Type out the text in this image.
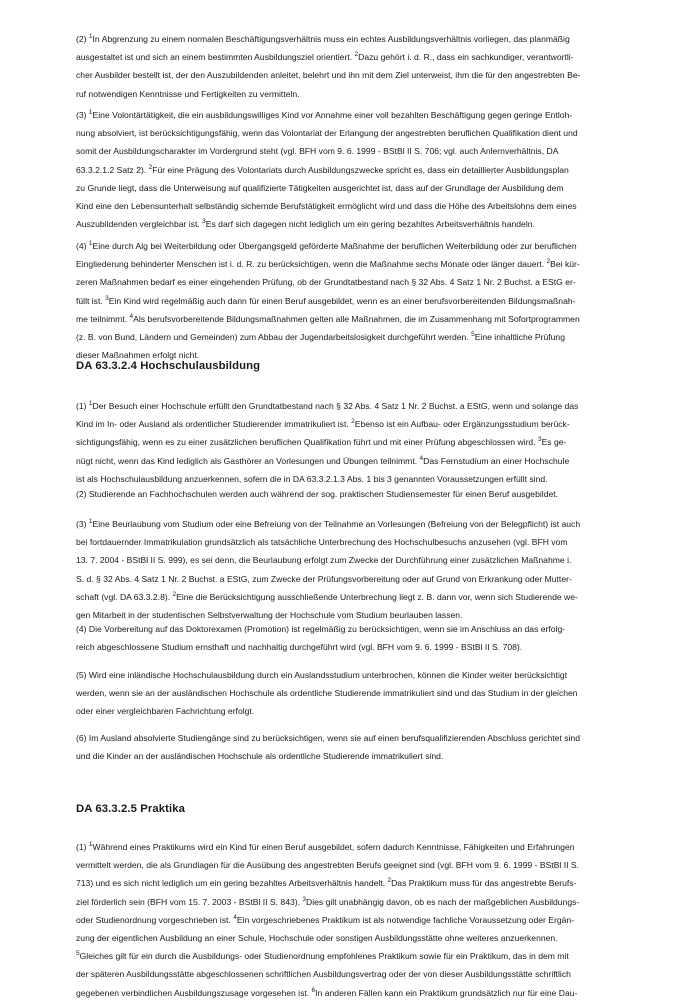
(2) $^1$In Abgrenzung zu einem normalen Beschäftigungsverhältnis muss ein echtes Ausbildungsverhältnis vorliegen, das planmäßig
ausgestaltet ist und sich an einem bestimmten Ausbildungsziel orientiert. $^2$Dazu gehört i. d. R., dass ein sachkundiger, verantwortli-
cher Ausbilder bestellt ist, der den Auszubildenden anleitet, belehrt und ihn mit dem Ziel unterweist, ihm die für den angestrebten Be-
ruf notwendigen Kenntnisse und Fertigkeiten zu vermitteln.

(3) $^1$Eine Volontärtätigkeit, die ein ausbildungswilliges Kind vor Annahme einer voll bezahlten Beschäftigung gegen geringe Entloh-
nung absolviert, ist berücksichtigungsfähig, wenn das Volontariat der Erlangung der angestrebten beruflichen Qualifikation dient und
somit der Ausbildungscharakter im Vordergrund steht (vgl. BFH vom 9. 6. 1999 - BStBl II S. 706; vgl. auch Anlernverhältnis, DA
63.3.2.1.2 Satz 2). $^2$Für eine Prägung des Volontariats durch Ausbildungszwecke spricht es, dass ein detaillierter Ausbildungsplan
zu Grunde liegt, dass die Unterweisung auf qualifizierte Tätigkeiten ausgerichtet ist, dass auf der Grundlage der Ausbildung dem
Kind eine den Lebensunterhalt selbständig sichernde Berufstätigkeit ermöglicht wird und dass die Höhe des Arbeitslohns dem eines
Auszubildenden vergleichbar ist. $^3$Es darf sich dagegen nicht lediglich um ein gering bezahltes Arbeitsverhältnis handeln.

(4) $^1$Eine durch Alg bei Weiterbildung oder Übergangsgeld geförderte Maßnahme der beruflichen Weiterbildung oder zur beruflichen
Eingliederung behinderter Menschen ist i. d. R. zu berücksichtigen, wenn die Maßnahme sechs Monate oder länger dauert. $^2$Bei kür-
zeren Maßnahmen bedarf es einer eingehenden Prüfung, ob der Grundtatbestand nach § 32 Abs. 4 Satz 1 Nr. 2 Buchst. a EStG er-
füllt ist. $^3$Ein Kind wird regelmäßig auch dann für einen Beruf ausgebildet, wenn es an einer berufsvorbereitenden Bildungsmaßnah-
me teilnimmt. $^4$Als berufsvorbereitende Bildungsmaßnahmen gelten alle Maßnahmen, die im Zusammenhang mit Sofortprogrammen
(z. B. von Bund, Ländern und Gemeinden) zum Abbau der Jugendarbeitslosigkeit durchgeführt werden. $^5$Eine inhaltliche Prüfung
dieser Maßnahmen erfolgt nicht.

DA 63.3.2.4 Hochschulausbildung

(1) $^1$Der Besuch einer Hochschule erfüllt den Grundtatbestand nach § 32 Abs. 4 Satz 1 Nr. 2 Buchst. a EStG, wenn und solange das
Kind im In- oder Ausland als ordentlicher Studierender immatrikuliert ist. $^2$Ebenso ist ein Aufbau- oder Ergänzungsstudium berück-
sichtigungsfähig, wenn es zu einer zusätzlichen beruflichen Qualifikation führt und mit einer Prüfung abgeschlossen wird. $^3$Es ge-
nügt nicht, wenn das Kind lediglich als Gasthörer an Vorlesungen und Übungen teilnimmt. $^4$Das Fernstudium an einer Hochschule
ist als Hochschulausbildung anzuerkennen, sofern die in DA 63.3.2.1.3 Abs. 1 bis 3 genannten Voraussetzungen erfüllt sind.

(2) Studierende an Fachhochschulen werden auch während der sog. praktischen Studiensemester für einen Beruf ausgebildet.

(3) $^1$Eine Beurlaubung vom Studium oder eine Befreiung von der Teilnahme an Vorlesungen (Befreiung von der Belegpflicht) ist auch
bei fortdauernder Immatrikulation grundsätzlich als tatsächliche Unterbrechung des Hochschulbesuchs anzusehen (vgl. BFH vom
13. 7. 2004 - BStBl II S. 999), es sei denn, die Beurlaubung erfolgt zum Zwecke der Durchführung einer zusätzlichen Maßnahme i.
S. d. § 32 Abs. 4 Satz 1 Nr. 2 Buchst. a EStG, zum Zwecke der Prüfungsvorbereitung oder auf Grund von Erkrankung oder Mutter-
schaft (vgl. DA 63.3.2.8). $^2$Eine die Berücksichtigung ausschließende Unterbrechung liegt z. B. dann vor, wenn sich Studierende we-
gen Mitarbeit in der studentischen Selbstverwaltung der Hochschule vom Studium beurlauben lassen.

(4) Die Vorbereitung auf das Doktorexamen (Promotion) ist regelmäßig zu berücksichtigen, wenn sie im Anschluss an das erfolg-
reich abgeschlossene Studium ernsthaft und nachhaltig durchgeführt wird (vgl. BFH vom 9. 6. 1999 - BStBl II S. 708).

(5) Wird eine inländische Hochschulausbildung durch ein Auslandsstudium unterbrochen, können die Kinder weiter berücksichtigt
werden, wenn sie an der ausländischen Hochschule als ordentliche Studierende immatrikuliert sind und das Studium in der gleichen
oder einer vergleichbaren Fachrichtung erfolgt.

(6) Im Ausland absolvierte Studiengänge sind zu berücksichtigen, wenn sie auf einen berufsqualifizierenden Abschluss gerichtet sind
und die Kinder an der ausländischen Hochschule als ordentliche Studierende immatrikuliert sind.

DA 63.3.2.5 Praktika

(1) $^1$Während eines Praktikums wird ein Kind für einen Beruf ausgebildet, sofern dadurch Kenntnisse, Fähigkeiten und Erfahrungen
vermittelt werden, die als Grundlagen für die Ausübung des angestrebten Berufs geeignet sind (vgl. BFH vom 9. 6. 1999 - BStBl II S.
713) und es sich nicht lediglich um ein gering bezahltes Arbeitsverhältnis handelt. $^2$Das Praktikum muss für das angestrebte Berufs-
ziel förderlich sein (BFH vom 15. 7. 2003 - BStBl II S. 843). $^3$Dies gilt unabhängig davon, ob es nach der maßgeblichen Ausbildungs-
oder Studienordnung vorgeschrieben ist. $^4$Ein vorgeschriebenes Praktikum ist als notwendige fachliche Voraussetzung oder Ergän-
zung der eigentlichen Ausbildung an einer Schule, Hochschule oder sonstigen Ausbildungsstätte ohne weiteres anzuerkennen.
$^5$Gleiches gilt für ein durch die Ausbildungs- oder Studienordnung empfohlenes Praktikum sowie für ein Praktikum, das in dem mit
der späteren Ausbildungsstätte abgeschlossenen schriftlichen Ausbildungsvertrag oder der von dieser Ausbildungsstätte schriftlich
gegebenen verbindlichen Ausbildungszusage vorgesehen ist. $^6$In anderen Fällen kann ein Praktikum grundsätzlich nur für eine Dau-
